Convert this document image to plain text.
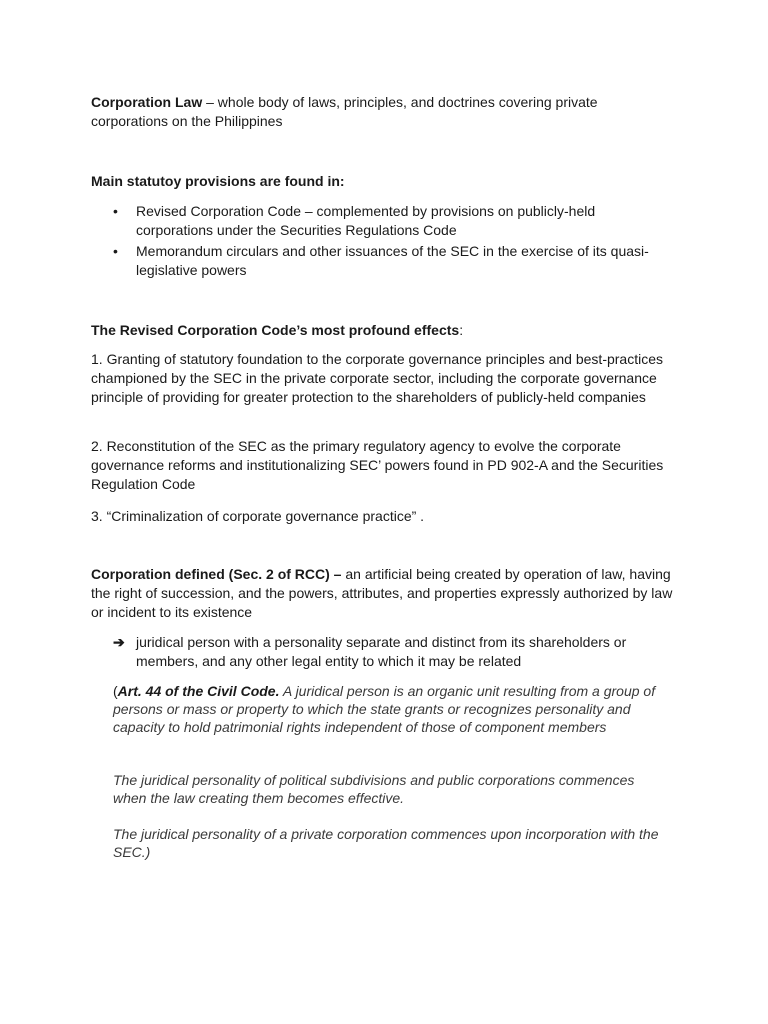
Corporation Law – whole body of laws, principles, and doctrines covering private corporations on the Philippines
Main statutoy provisions are found in:
• Revised Corporation Code – complemented by provisions on publicly-held corporations under the Securities Regulations Code
• Memorandum circulars and other issuances of the SEC in the exercise of its quasi-legislative powers
The Revised Corporation Code’s most profound effects:
1. Granting of statutory foundation to the corporate governance principles and best-practices championed by the SEC in the private corporate sector, including the corporate governance principle of providing for greater protection to the shareholders of publicly-held companies
2. Reconstitution of the SEC as the primary regulatory agency to evolve the corporate governance reforms and institutionalizing SEC’ powers found in PD 902-A and the Securities Regulation Code
3. “Criminalization of corporate governance practice” .
Corporation defined (Sec. 2 of RCC) – an artificial being created by operation of law, having the right of succession, and the powers, attributes, and properties expressly authorized by law or incident to its existence
➔ juridical person with a personality separate and distinct from its shareholders or members, and any other legal entity to which it may be related
(Art. 44 of the Civil Code. A juridical person is an organic unit resulting from a group of persons or mass or property to which the state grants or recognizes personality and capacity to hold patrimonial rights independent of those of component members
The juridical personality of political subdivisions and public corporations commences when the law creating them becomes effective.
The juridical personality of a private corporation commences upon incorporation with the SEC.)
